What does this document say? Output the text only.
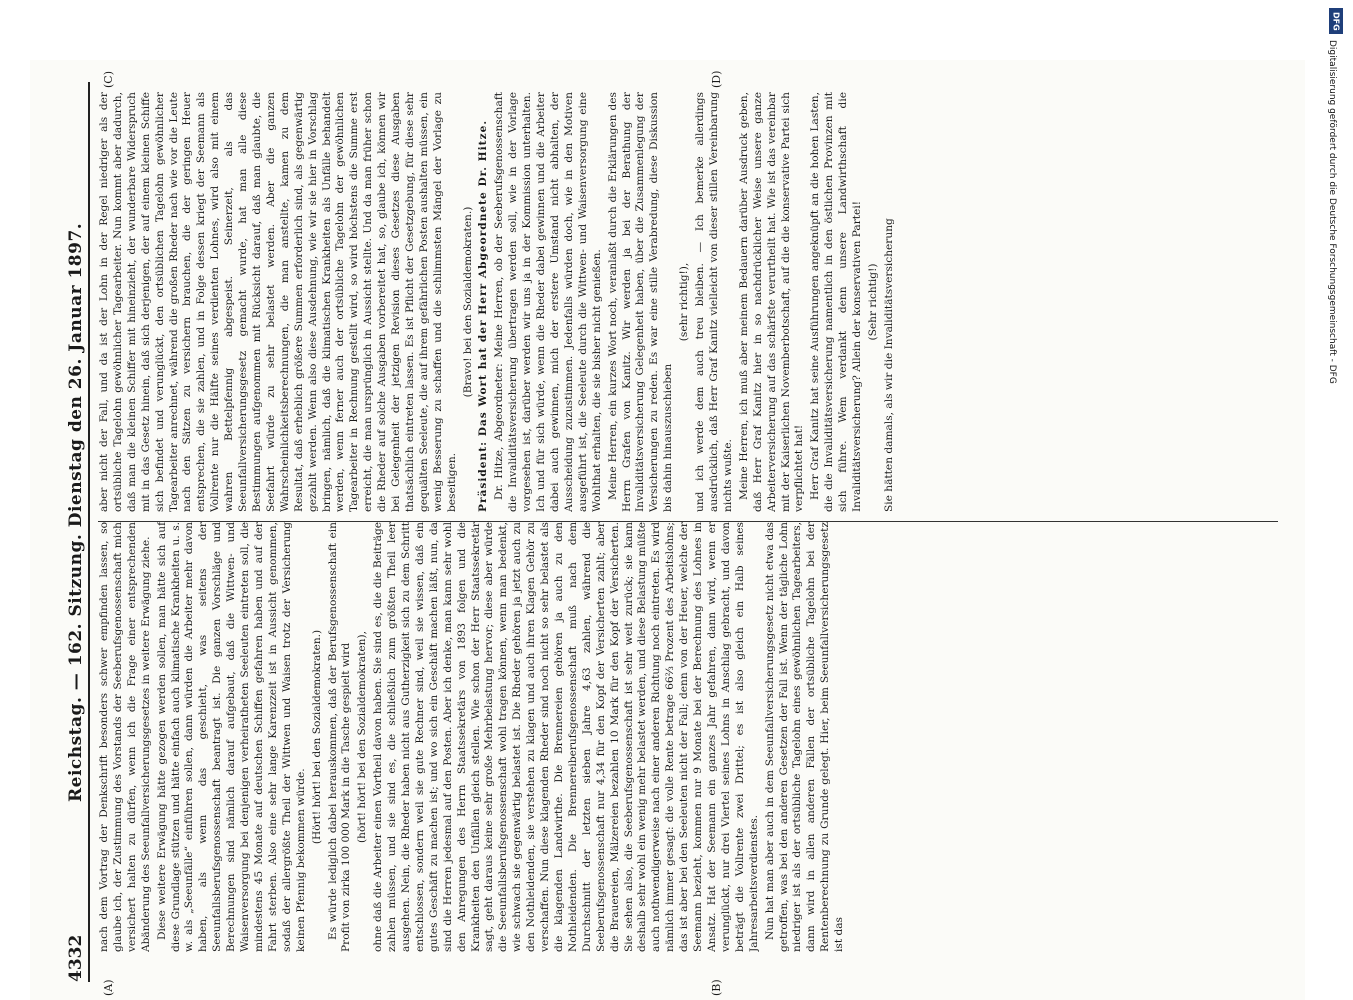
4332
Reichstag. — 162. Sitzung. Dienstag den 26. Januar 1897.
(A)	(B)
(C)	(D)

nach dem Vortrag der Denkschrift besonders schwer empfinden lassen, so glaube ich, der Zustimmung des Vorstands der Seeberufsgenossenschaft mich versichert halten zu dürfen, wenn ich die Frage einer entsprechenden Abänderung des Seeunfallversicherungsgesetzes in weitere Erwägung ziehe. Diese weitere Erwägung hätte gezogen werden sollen, man hätte sich auf diese Grundlage stützen und hätte einfach auch klimatische Krankheiten u. s. w. als „Seeunfälle“ einführen sollen, dann würden die Arbeiter mehr davon haben, als wenn das geschieht, was seitens der Seeunfallsberufsgenossenschaft beantragt ist. Die ganzen Vorschläge und Berechnungen sind nämlich darauf aufgebaut, daß die Wittwen- und Waisenversorgung bei denjenigen verheiratheten Seeleuten eintreten soll, die mindestens 45 Monate auf deutschen Schiffen gefahren haben und auf der Fahrt sterben. Also eine sehr lange Karenzzeit ist in Aussicht genommen, sodaß der allergrößte Theil der Wittwen und Waisen trotz der Versicherung keinen Pfennig bekommen würde.

(Hört! hört! bei den Sozialdemokraten.) Es würde lediglich dabei herauskommen, daß der Berufsgenossenschaft ein Profit von zirka 100 000 Mark in die Tasche gespielt wird (hört! hört! bei den Sozialdemokraten), ohne daß die Arbeiter einen Vortheil davon haben. Sie sind es, die die Beiträge zahlen müssen, und sie sind es, die schließlich zum größten Theil leer ausgehen. Nein, die Rheder haben nicht aus Gutherzigkeit sich zu dem Schritt entschlossen, sondern weil sie gute Rechner sind, weil sie wissen, daß ein gutes Geschäft zu machen ist; und wo sich ein Geschäft machen läßt, nun, da sind die Herren jedesmal auf den Posten. Aber ich denke, man kann sehr wohl den Anregungen des Herrn Staatssekretärs von 1893 folgen und die Krankheiten den Unfällen gleich stellen. Wie schon der Herr Staatssekretär sagt, geht daraus keine sehr große Mehrbelastung hervor; diese aber würde die Seeunfallsberufsgenossenschaft wohl tragen können, wenn man bedenkt, wie schwach sie gegenwärtig belastet ist. Die Rheder gehören ja jetzt auch zu den Nothleidenden, sie verstehen zu klagen und auch ihren Klagen Gehör zu verschaffen. Nun diese klagenden Rheder sind noch nicht so sehr belastet als die klagenden Landwirthe. Die Brennereien gehören ja auch zu den Nothleidenden. Die Brennereiberufsgenossenschaft muß nach dem Durchschnitt der letzten sieben Jahre 4,63 zahlen, während die Seeberufsgenossenschaft nur 4,34 für den Kopf der Versicherten zahlt; aber die Brauereien, Mälzereien bezahlen 10 Mark für den Kopf der Versicherten. Sie sehen also, die Seeberufsgenossenschaft ist sehr weit zurück; sie kann deshalb sehr wohl ein wenig mehr belastet werden, und diese Belastung müßte auch nothwendigerweise nach einer anderen Richtung noch eintreten. Es wird nämlich immer gesagt: die volle Rente betrage 66⅔ Prozent des Arbeitslohns; das ist aber bei den Seeleuten nicht der Fall; denn von der Heuer, welche der Seemann bezieht, kommen nur 9 Monate bei der Berechnung des Lohnes in Ansatz. Hat der Seemann ein ganzes Jahr gefahren, dann wird, wenn er verunglückt, nur drei Viertel seines Lohns in Anschlag gebracht, und davon beträgt die Vollrente zwei Drittel; es ist also gleich ein Halb seines Jahresarbeitsverdienstes. Nun hat man aber auch in dem Seeunfallversicherungsgesetz nicht etwa das getroffen, was bei den anderen Gesetzen der Fall ist. Wenn der tägliche Lohn niedriger ist als der ortsübliche Tagelohn eines gewöhnlichen Tagearbeiters, dann wird in allen anderen Fällen der ortsübliche Tagelohn bei der Rentenberechnung zu Grunde gelegt. Hier, beim Seeunfallversicherungsgesetz ist das

aber nicht der Fall, und da ist der Lohn in der Regel niedriger als der ortsübliche Tagelohn gewöhnlicher Tagearbeiter. Nun kommt aber dadurch, daß man die kleinen Schiffer mit hineinzieht, der wunderbare Widerspruch mit in das Gesetz hinein, daß sich derjenigen, der auf einem kleinen Schiffe sich befindet und verunglückt, den ortsüblichen Tagelohn gewöhnlicher Tagearbeiter anrechnet, während die großen Rheder nach wie vor die Leute nach den Sätzen zu versichern brauchen, die der geringen Heuer entsprechen, die sie zahlen, und in Folge dessen kriegt der Seemann als Vollrente nur die Hälfte seines verdienten Lohnes, wird also mit einem wahren Bettelpfennig abgespeist. Seinerzeit, als das Seeunfallversicherungsgesetz gemacht wurde, hat man alle diese Bestimmungen aufgenommen mit Rücksicht darauf, daß man glaubte, die Seefahrt würde zu sehr belastet werden. Aber die ganzen Wahrscheinlichkeitsberechnungen, die man anstellte, kamen zu dem Resultat, daß erheblich größere Summen erforderlich sind, als gegenwärtig gezahlt werden. Wenn also diese Ausdehnung, wie wir sie hier in Vorschlag bringen, nämlich, daß die klimatischen Krankheiten als Unfälle behandelt werden, wenn ferner auch der ortsübliche Tagelohn der gewöhnlichen Tagearbeiter in Rechnung gestellt wird, so wird höchstens die Summe erst erreicht, die man ursprünglich in Aussicht stellte. Und da man früher schon die Rheder auf solche Ausgaben vorbereitet hat, so, glaube ich, können wir bei Gelegenheit der jetzigen Revision dieses Gesetzes diese Ausgaben thatsächlich eintreten lassen. Es ist Pflicht der Gesetzgebung, für diese sehr gequälten Seeleute, die auf ihrem gefährlichen Posten aushalten müssen, ein wenig Besserung zu schaffen und die schlimmsten Mängel der Vorlage zu beseitigen.

(Bravo! bei den Sozialdemokraten.) Präsident: Das Wort hat der Herr Abgeordnete Dr. Hitze. Dr. Hitze, Abgeordneter: Meine Herren, ob der Seeberufsgenossenschaft die Invaliditätsversicherung übertragen werden soll, wie in der Vorlage vorgesehen ist, darüber werden wir uns ja in der Kommission unterhalten. Ich und für sich würde, wenn die Rheder dabei gewinnen und die Arbeiter dabei auch gewinnen, mich der erstere Umstand nicht abhalten, der Ausscheidung zuzustimmen. Jedenfalls würden doch, wie in den Motiven ausgeführt ist, die Seeleute durch die Wittwen- und Waisenversorgung eine Wohlthat erhalten, die sie bisher nicht genießen. Meine Herren, ein kurzes Wort noch, veranlaßt durch die Erklärungen des Herrn Grafen von Kanitz. Wir werden ja bei der Berathung der Invaliditätsversicherung Gelegenheit haben, über die Zusammenlegung der Versicherungen zu reden. Es war eine stille Verabredung, diese Diskussion bis dahin hinauszuschieben

(sehr richtig!), und ich werde dem auch treu bleiben. — Ich bemerke allerdings ausdrücklich, daß Herr Graf Kanitz vielleicht von dieser stillen Vereinbarung nichts wußte. Meine Herren, ich muß aber meinem Bedauern darüber Ausdruck geben, daß Herr Graf Kanitz hier in so nachdrücklicher Weise unsere ganze Arbeiterversicherung auf das schärfste verurtheilt hat. Wie ist das vereinbar mit der Kaiserlichen Novemberbotschaft, auf die die konservative Partei sich verpflichtet hat! Herr Graf Kanitz hat seine Ausführungen angeknüpft an die hohen Lasten, die die Invaliditätsversicherung namentlich in den östlichen Provinzen mit sich führe. Wem verdankt denn unsere Landwirthschaft die Invaliditätsversicherung? Allein der konservativen Partei! (Sehr richtig!) Sie hätten damals, als wir die Invaliditätsversicherung

DFG
Digitalisierung gefördert durch die Deutsche Forschungsgemeinschaft - DFG
